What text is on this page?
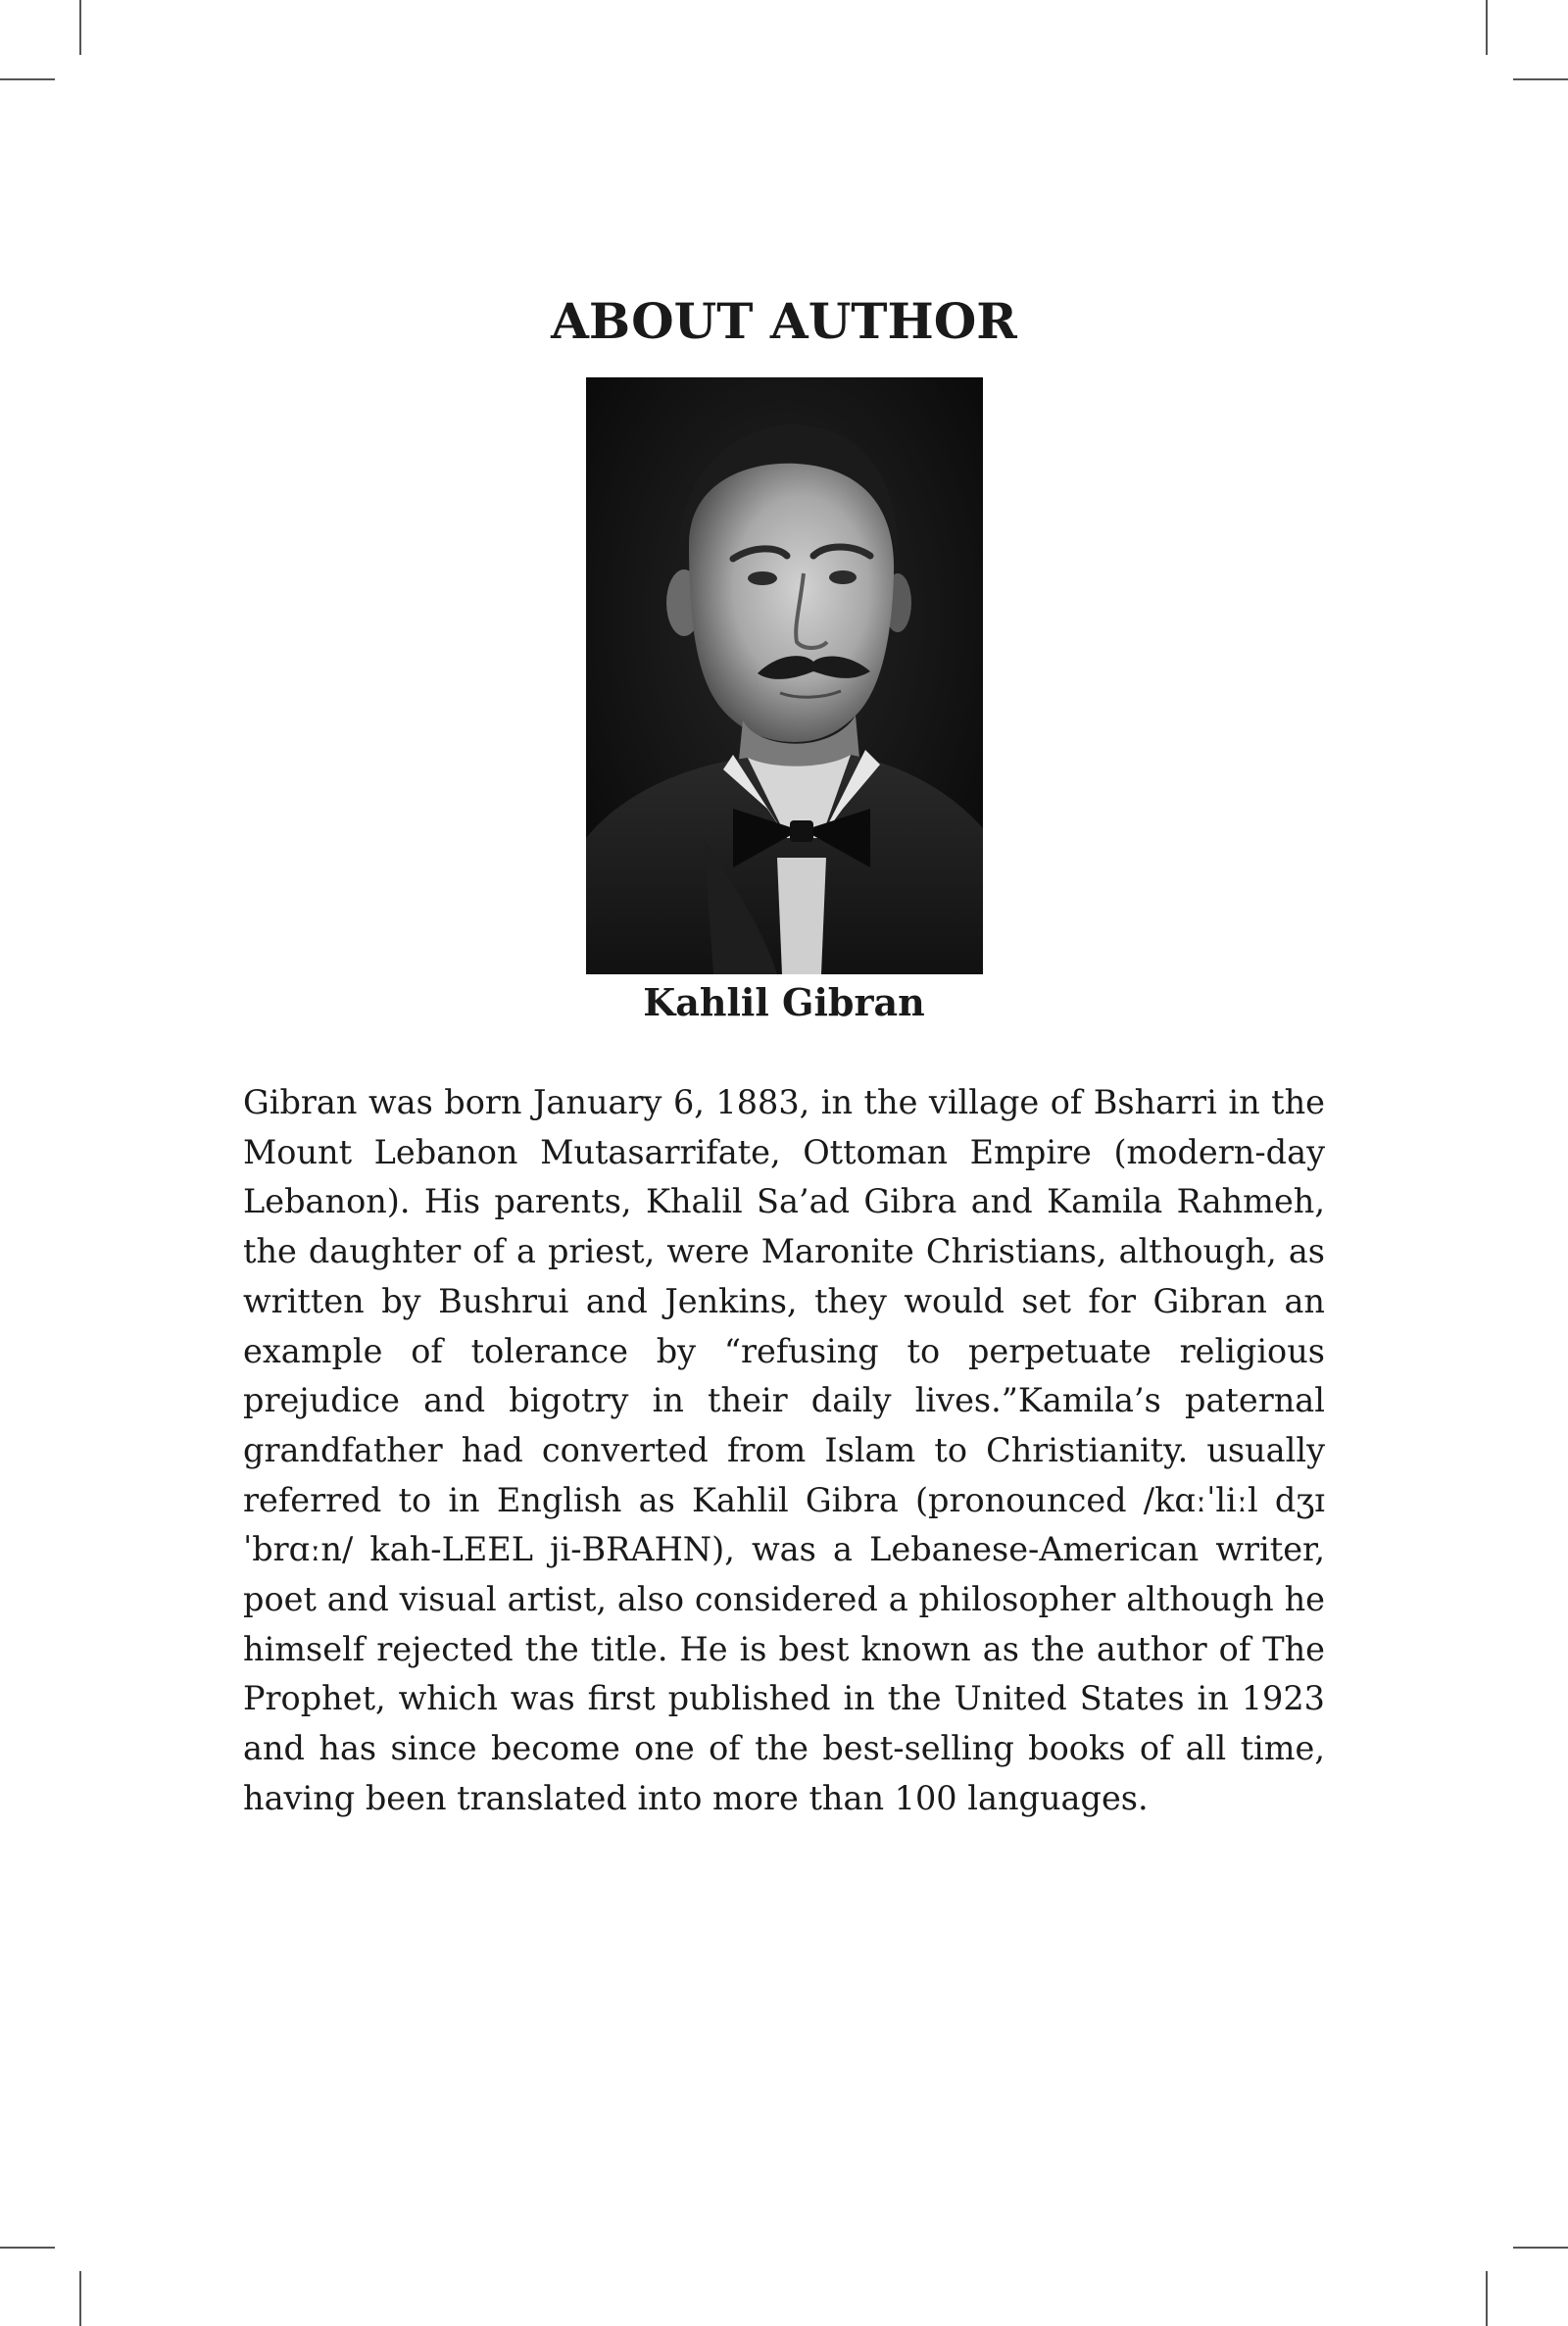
ABOUT AUTHOR

Kahlil Gibran

Gibran was born January 6, 1883, in the village of Bsharri in the Mount Lebanon Mutasarrifate, Ottoman Empire (modern-day Lebanon). His parents, Khalil Sa’ad Gibra and Kamila Rahmeh, the daughter of a priest, were Maronite Christians, although, as written by Bushrui and Jenkins, they would set for Gibran an example of tolerance by “refusing to perpetuate religious prejudice and bigotry in their daily lives.”Kamila’s paternal grandfather had converted from Islam to Christianity. usually referred to in English as Kahlil Gibra (pronounced /kɑːˈliːl dʒɪˈbrɑːn/ kah-LEEL ji-BRAHN), was a Lebanese-American writer, poet and visual artist, also considered a philosopher although he himself rejected the title. He is best known as the author of The Prophet, which was first published in the United States in 1923 and has since become one of the best-selling books of all time, having been translated into more than 100 languages.
